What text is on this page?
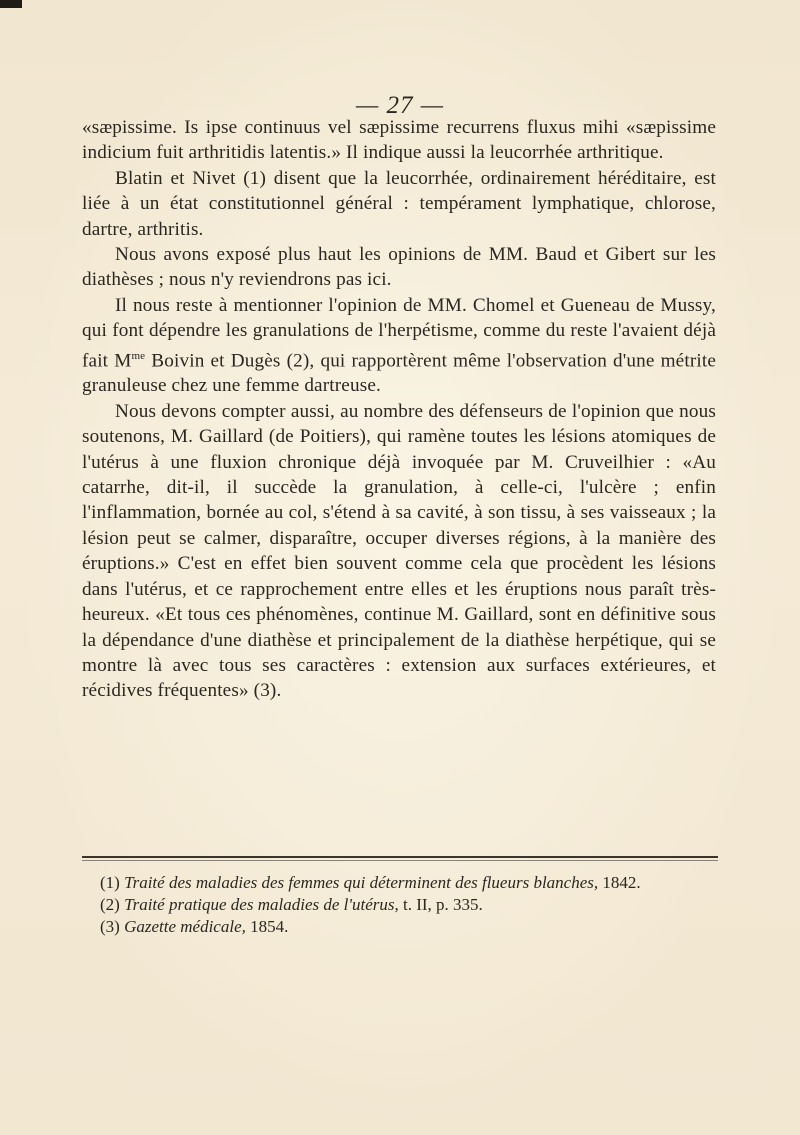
— 27 —

«sæpissime. Is ipse continuus vel sæpissime recurrens fluxus mihi «sæpissime indicium fuit arthritidis latentis.» Il indique aussi la leucorrhée arthritique.

Blatin et Nivet (1) disent que la leucorrhée, ordinairement héréditaire, est liée à un état constitutionnel général : tempérament lymphatique, chlorose, dartre, arthritis.

Nous avons exposé plus haut les opinions de MM. Baud et Gibert sur les diathèses ; nous n'y reviendrons pas ici.

Il nous reste à mentionner l'opinion de MM. Chomel et Gueneau de Mussy, qui font dépendre les granulations de l'herpétisme, comme du reste l'avaient déjà fait $M^{me}$ Boivin et Dugès (2), qui rapportèrent même l'observation d'une métrite granuleuse chez une femme dartreuse.

Nous devons compter aussi, au nombre des défenseurs de l'opinion que nous soutenons, M. Gaillard (de Poitiers), qui ramène toutes les lésions atomiques de l'utérus à une fluxion chronique déjà invoquée par M. Cruveilhier : «Au catarrhe, dit-il, il succède la granulation, à celle-ci, l'ulcère ; enfin l'inflammation, bornée au col, s'étend à sa cavité, à son tissu, à ses vaisseaux ; la lésion peut se calmer, disparaître, occuper diverses régions, à la manière des éruptions.» C'est en effet bien souvent comme cela que procèdent les lésions dans l'utérus, et ce rapprochement entre elles et les éruptions nous paraît très-heureux. «Et tous ces phénomènes, continue M. Gaillard, sont en définitive sous la dépendance d'une diathèse et principalement de la diathèse herpétique, qui se montre là avec tous ses caractères : extension aux surfaces extérieures, et récidives fréquentes» (3).

(1) Traité des maladies des femmes qui déterminent des flueurs blanches, 1842.

(2) Traité pratique des maladies de l'utérus, t. II, p. 335.

(3) Gazette médicale, 1854.
